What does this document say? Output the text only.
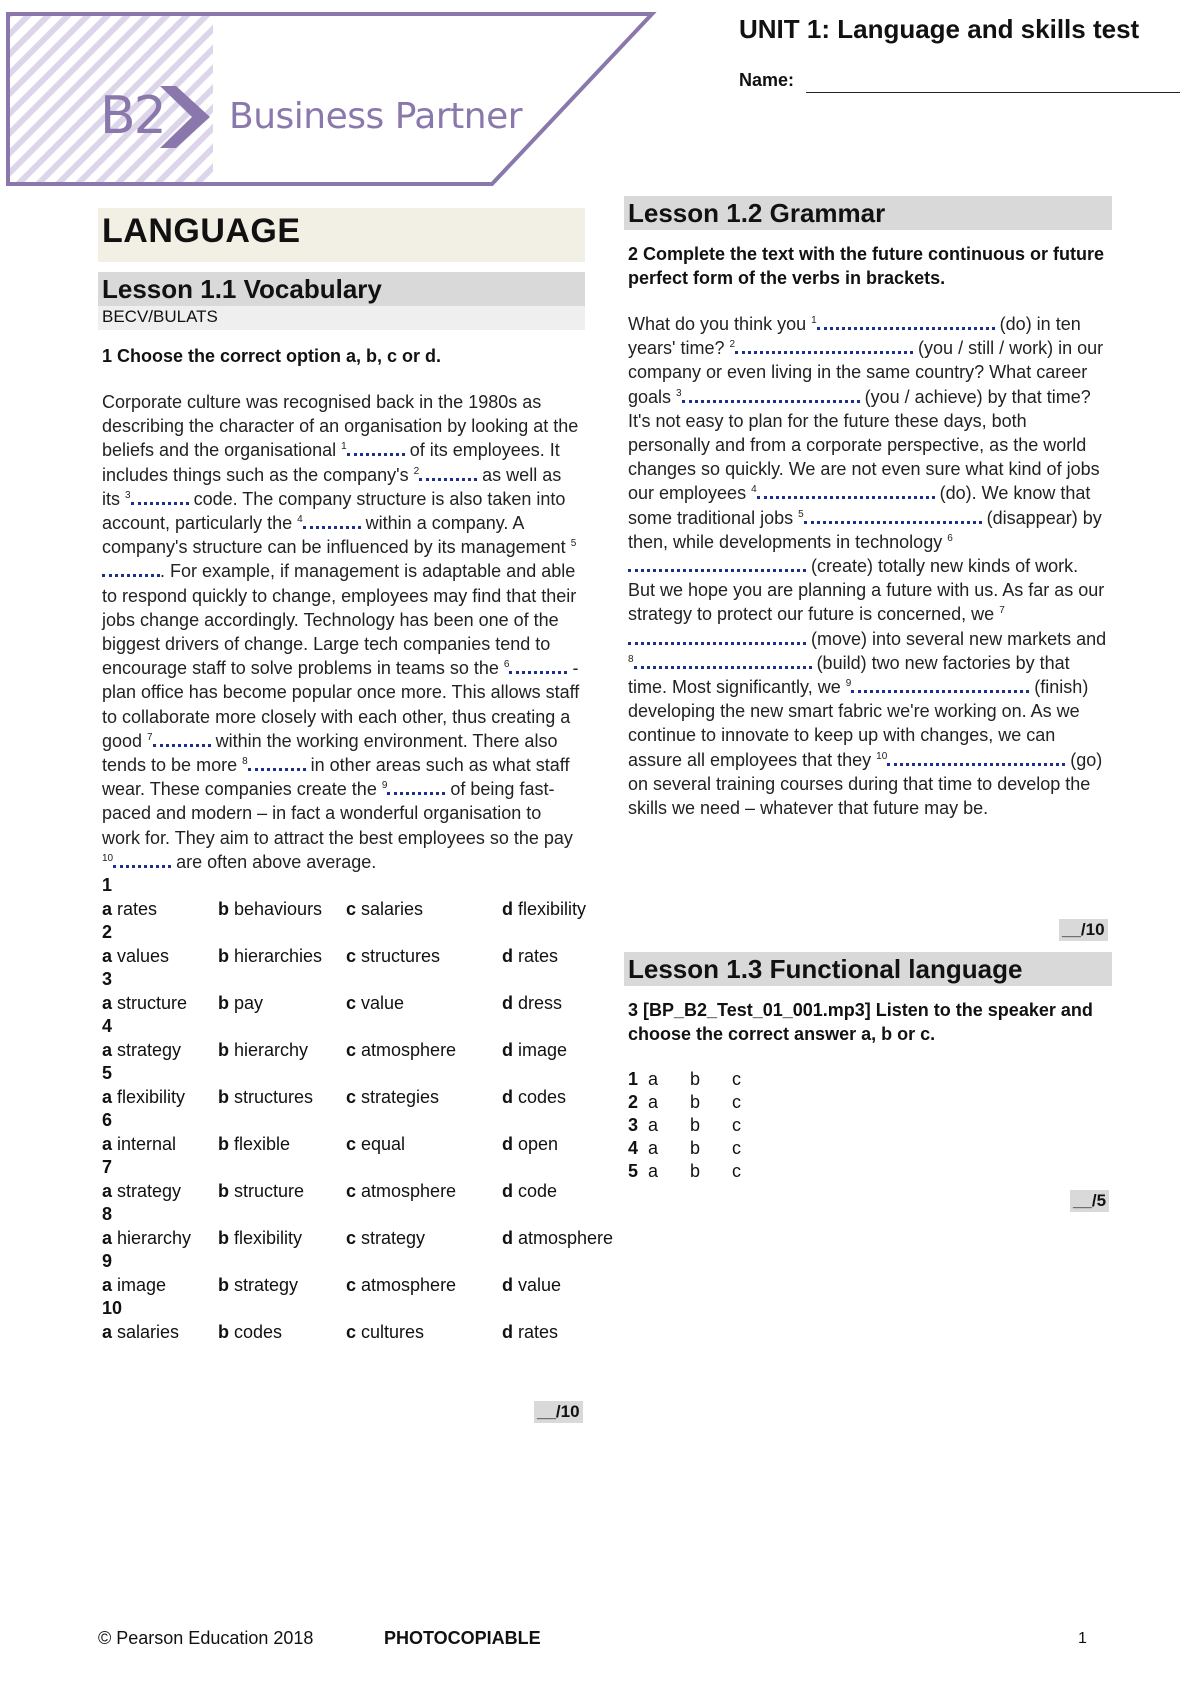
B2 Business Partner
UNIT 1: Language and skills test
Name:
LANGUAGE
Lesson 1.1 Vocabulary
BECV/BULATS
1 Choose the correct option a, b, c or d.
Corporate culture was recognised back in the 1980s as describing the character of an organisation by looking at the beliefs and the organisational $^1$	of its employees. It includes things such as the company's $^2$	as well as its $^3$	code. The company structure is also taken into account, particularly the $^4$	within a company. A company's structure can be influenced by its management $^5$. For example, if management is adaptable and able to respond quickly to change, employees may find that their jobs change accordingly. Technology has been one of the biggest drivers of change. Large tech companies tend to encourage staff to solve problems in teams so the $^6$	-plan office has become popular once more. This allows staff to collaborate more closely with each other, thus creating a good $^7$	within the working environment. There also tends to be more $^8$	in other areas such as what staff wear. These companies create the $^9$	of being fast-paced and modern – in fact a wonderful organisation to work for. They aim to attract the best employees so the pay $^{10}$	are often above average.
1
a rates	b behaviours c salaries	d flexibility
2
a values	b hierarchies c structures	d rates
3
a structure b pay	c value	d dress
4
a strategy b hierarchy c atmosphere	d image
5
a flexibility b structures c strategies	d codes
6
a internal b flexible	c equal	d open
7
a strategy b structure c atmosphere	d code
8
a hierarchy b flexibility c strategy	d atmosphere
9
a image	b strategy	c atmosphere	d value
10
a salaries b codes	c cultures	d rates
__/10
Lesson 1.2 Grammar
2 Complete the text with the future continuous or future perfect form of the verbs in brackets.
What do you think you $^1$	(do) in ten years' time? $^2$	(you / still / work) in our company or even living in the same country? What career goals $^3$	(you / achieve) by that time? It's not easy to plan for the future these days, both personally and from a corporate perspective, as the world changes so quickly. We are not even sure what kind of jobs our employees $^4$	(do). We know that some traditional jobs $^5$	(disappear) by then, while developments in technology $^6$ (create) totally new kinds of work. But we hope you are planning a future with us. As far as our strategy to protect our future is concerned, we $^7$ (move) into several new markets and $^8$	(build) two new factories by that time. Most significantly, we $^9$	(finish) developing the new smart fabric we're working on. As we continue to innovate to keep up with changes, we can assure all employees that they $^{10}$	(go) on several training courses during that time to develop the skills we need – whatever that future may be.
__/10
Lesson 1.3 Functional language
3 [BP_B2_Test_01_001.mp3] Listen to the speaker and choose the correct answer a, b or c.
1 a b c
2 a b c
3 a b c
4 a b c
5 a b c
__/5
© Pearson Education 2018	PHOTOCOPIABLE	1
